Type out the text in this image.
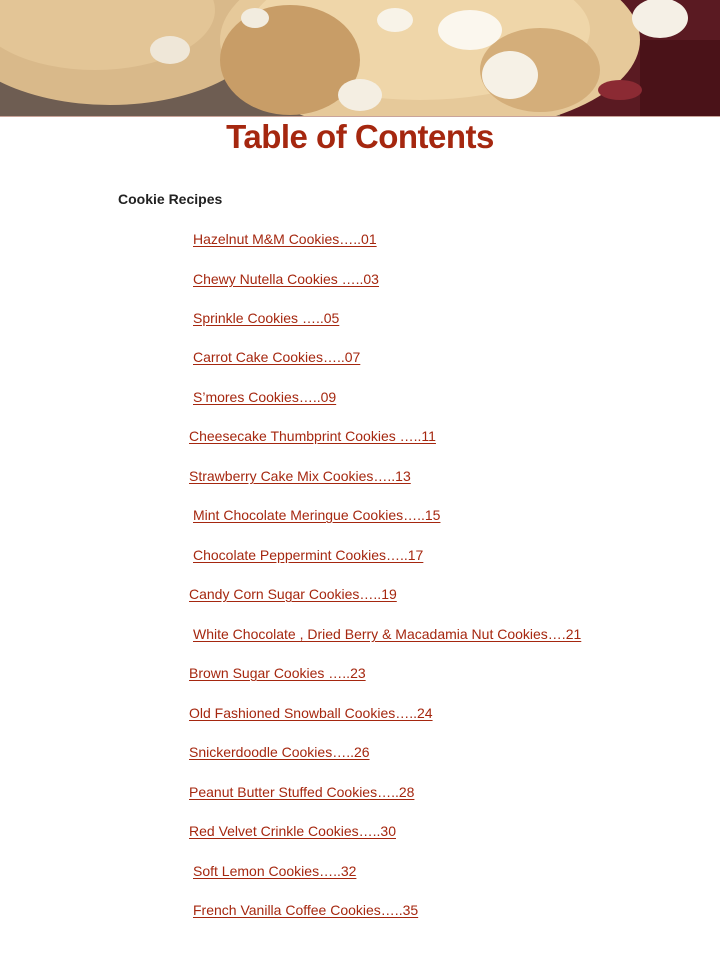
Table of Contents
Cookie Recipes
Hazelnut M&M Cookies…..01
Chewy Nutella Cookies …..03
Sprinkle Cookies …..05
Carrot Cake Cookies…..07
S’mores Cookies…..09
Cheesecake Thumbprint Cookies …..11
Strawberry Cake Mix Cookies…..13
Mint Chocolate Meringue Cookies…..15
Chocolate Peppermint Cookies…..17
Candy Corn Sugar Cookies…..19
White Chocolate , Dried Berry & Macadamia Nut Cookies….21
Brown Sugar Cookies …..23
Old Fashioned Snowball Cookies…..24
Snickerdoodle Cookies…..26
Peanut Butter Stuffed Cookies…..28
Red Velvet Crinkle Cookies…..30
Soft Lemon Cookies…..32
French Vanilla Coffee Cookies…..35
